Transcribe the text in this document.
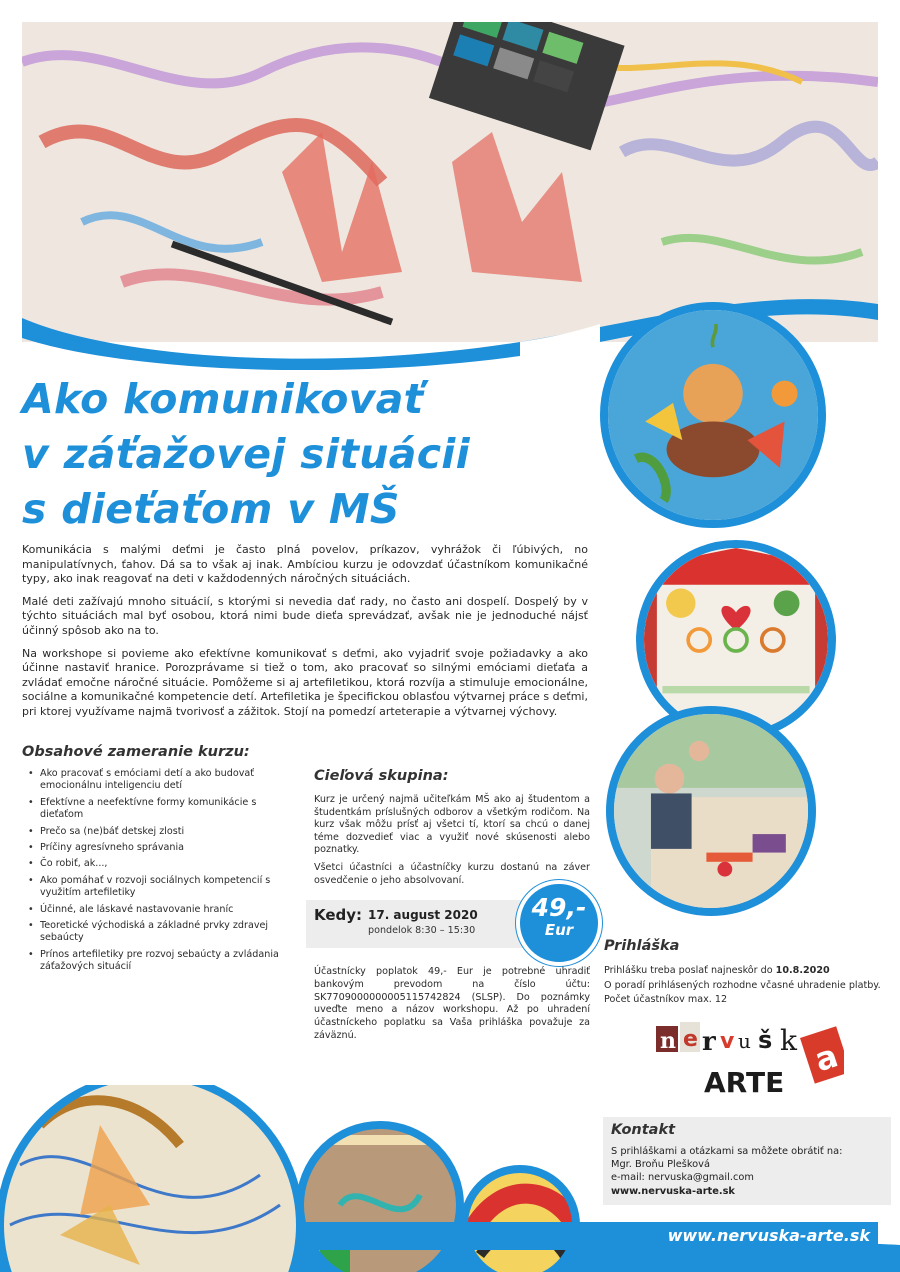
Ako komunikovať
v záťažovej situácii
s dieťaťom v MŠ

Komunikácia s malými deťmi je často plná povelov, príkazov, vyhrážok či ľúbivých, no manipulatívnych, ťahov. Dá sa to však aj inak. Ambíciou kurzu je odovzdať účastníkom komunikačné typy, ako inak reagovať na deti v každodenných náročných situáciách.

Malé deti zažívajú mnoho situácií, s ktorými si nevedia dať rady, no často ani dospelí. Dospelý by v týchto situáciách mal byť osobou, ktorá nimi bude dieťa sprevádzať, avšak nie je jednoduché nájsť účinný spôsob ako na to.

Na workshope si povieme ako efektívne komunikovať s deťmi, ako vyjadriť svoje požiadavky a ako účinne nastaviť hranice. Porozprávame si tiež o tom, ako pracovať so silnými emóciami dieťaťa a zvládať emočne náročné situácie. Pomôžeme si aj artefiletikou, ktorá rozvíja a stimuluje emocionálne, sociálne a komunikačné kompetencie detí. Artefiletika je špecifickou oblasťou výtvarnej práce s deťmi, pri ktorej využívame najmä tvorivosť a zážitok. Stojí na pomedzí arteterapie a výtvarnej výchovy.

Obsahové zameranie kurzu:
• Ako pracovať s emóciami detí a ako budovať emocionálnu inteligenciu detí
• Efektívne a neefektívne formy komunikácie s dieťaťom
• Prečo sa (ne)báť detskej zlosti
• Príčiny agresívneho správania
• Čo robiť, ak...,
• Ako pomáhať v rozvoji sociálnych kompetencií s využitím artefiletiky
• Účinné, ale láskavé nastavovanie hraníc
• Teoretické východiská a základné prvky zdravej sebaúcty
• Prínos artefiletiky pre rozvoj sebaúcty a zvládania záťažových situácií
Cieľová skupina:

Kurz je určený najmä učiteľkám MŠ ako aj študentom a študentkám príslušných odborov a všetkým rodičom. Na kurz však môžu prísť aj všetci tí, ktorí sa chcú o danej téme dozvedieť viac a využiť nové skúsenosti alebo poznatky.

Všetci účastníci a účastníčky kurzu dostanú na záver osvedčenie o jeho absolvovaní.

Kedy: 17. august 2020
pondelok 8:30 – 15:30
49,-
Eur
Účastnícky poplatok 49,- Eur je potrebné uhradiť bankovým prevodom na číslo účtu: SK7709000000005115742824 (SLSP). Do poznámky uveďte meno a názov workshopu. Až po uhradení účastníckeho poplatku sa Vaša prihláška považuje za záväznú.
Prihláška
Prihlášku treba poslať najneskôr do 10.8.2020
O poradí prihlásených rozhodne včasné uhradenie platby.
Počet účastníkov max. 12
n e r v u š k a
ARTE
Kontakt
S prihláškami a otázkami sa môžete obrátiť na:
Mgr. Broňu Plešková
e-mail: nervuska@gmail.com
www.nervuska-arte.sk
www.nervuska-arte.sk
